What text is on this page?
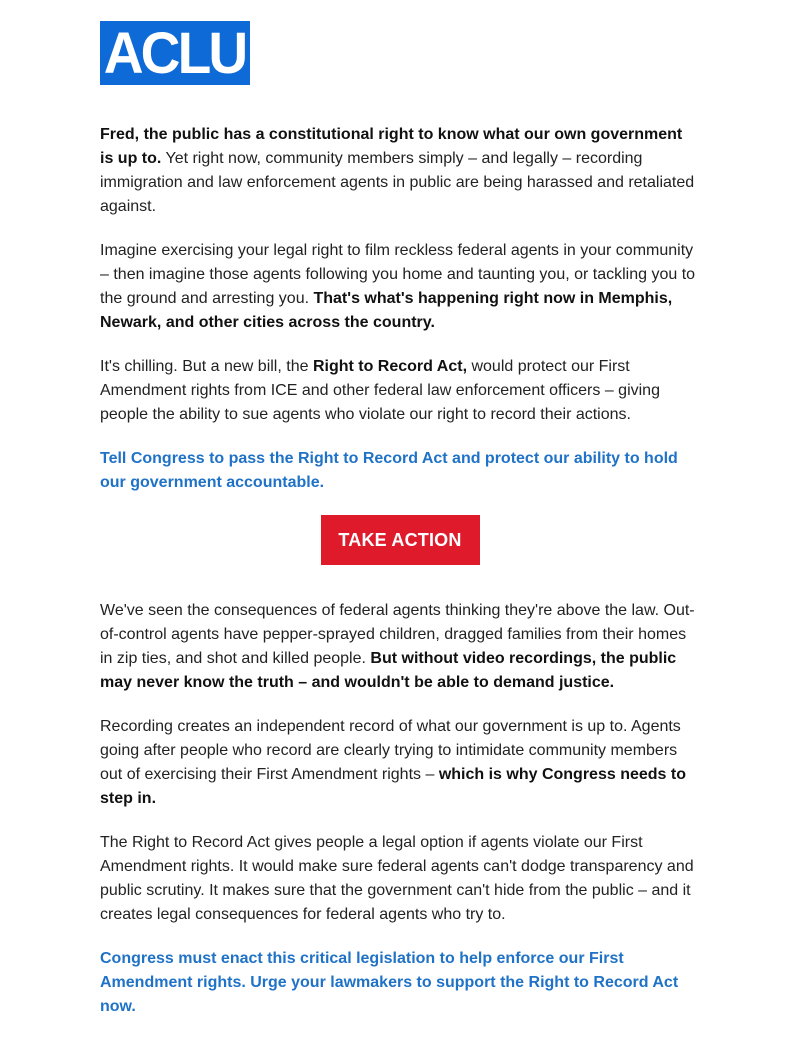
ACLU

Fred, the public has a constitutional right to know what our own government is up to. Yet right now, community members simply – and legally – recording immigration and law enforcement agents in public are being harassed and retaliated against.

Imagine exercising your legal right to film reckless federal agents in your community – then imagine those agents following you home and taunting you, or tackling you to the ground and arresting you. That's what's happening right now in Memphis, Newark, and other cities across the country.

It's chilling. But a new bill, the Right to Record Act, would protect our First Amendment rights from ICE and other federal law enforcement officers – giving people the ability to sue agents who violate our right to record their actions.

Tell Congress to pass the Right to Record Act and protect our ability to hold our government accountable.

TAKE ACTION

We've seen the consequences of federal agents thinking they're above the law. Out-of-control agents have pepper-sprayed children, dragged families from their homes in zip ties, and shot and killed people. But without video recordings, the public may never know the truth – and wouldn't be able to demand justice.

Recording creates an independent record of what our government is up to. Agents going after people who record are clearly trying to intimidate community members out of exercising their First Amendment rights – which is why Congress needs to step in.

The Right to Record Act gives people a legal option if agents violate our First Amendment rights. It would make sure federal agents can't dodge transparency and public scrutiny. It makes sure that the government can't hide from the public – and it creates legal consequences for federal agents who try to.

Congress must enact this critical legislation to help enforce our First Amendment rights. Urge your lawmakers to support the Right to Record Act now.
